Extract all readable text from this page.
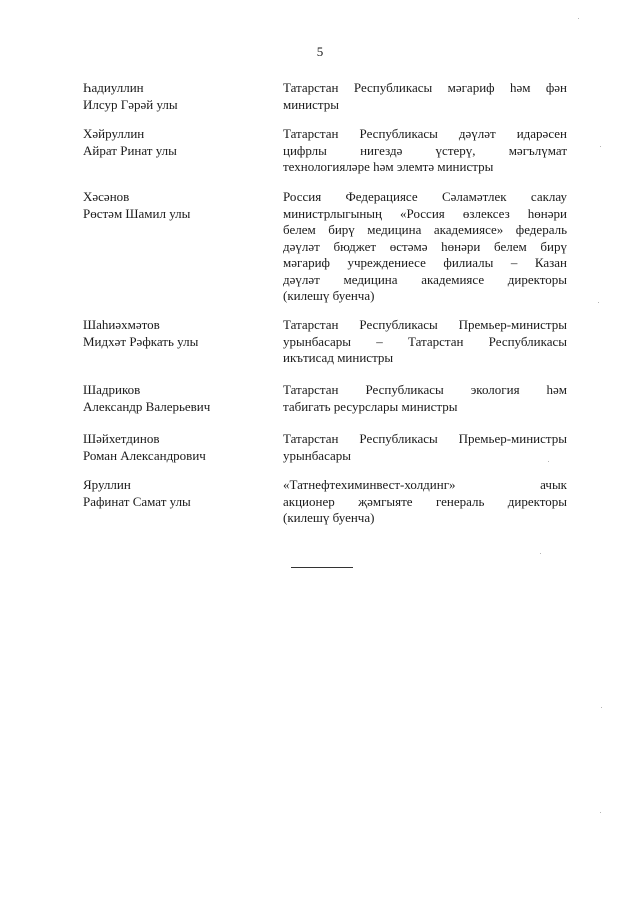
5
Һадиуллин
Илсур Гәрәй улы
Татарстан Республикасы мәгариф һәм фән
министры
Хәйруллин
Айрат Ринат улы
Татарстан Республикасы дәүләт идарәсен
цифрлы нигездә үстерү, мәгълүмат
технологияләре һәм элемтә министры
Хәсәнов
Рөстәм Шамил улы
Россия Федерациясе Сәламәтлек саклау
министрлыгының «Россия өзлексез һөнәри
белем бирү медицина академиясе» федераль
дәүләт бюджет өстәмә һөнәри белем бирү
мәгариф учреждениесе филиалы – Казан
дәүләт медицина академиясе директоры
(килешү буенча)
Шаһиәхмәтов
Мидхәт Рәфкать улы
Татарстан Республикасы Премьер-министры
урынбасары – Татарстан Республикасы
икътисад министры
Шадриков
Александр Валерьевич
Татарстан Республикасы экология һәм
табигать ресурслары министры
Шәйхетдинов
Роман Александрович
Татарстан Республикасы Премьер-министры
урынбасары
Яруллин
Рафинат Самат улы
«Татнефтехиминвест-холдинг» ачык
акционер җәмгыяте генераль директоры
(килешү буенча)
